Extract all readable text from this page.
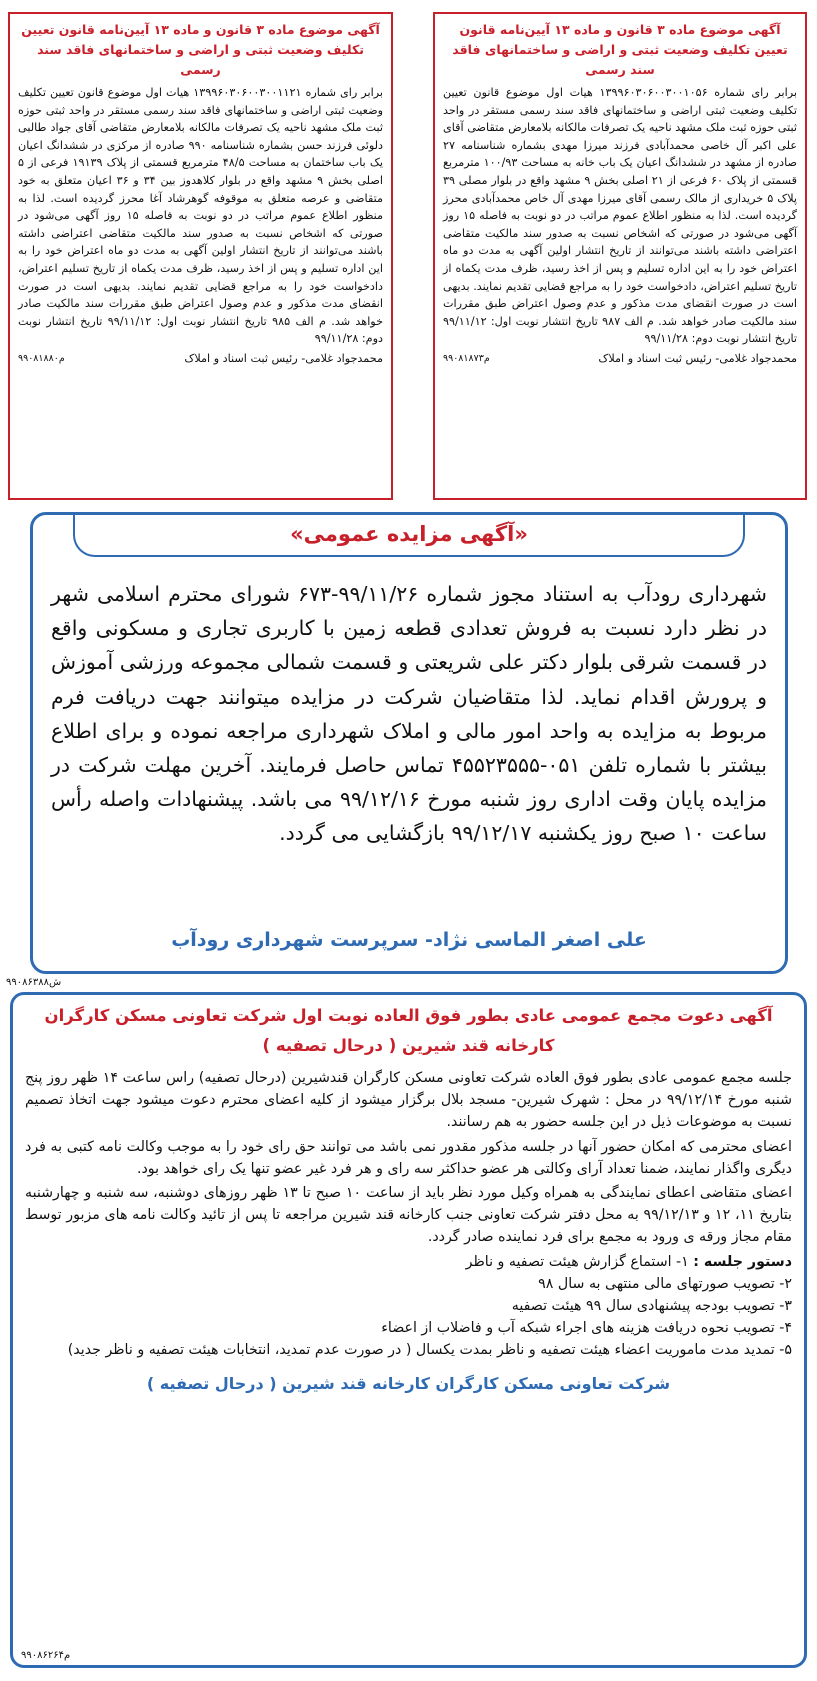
آگهی موضوع ماده ۳ قانون و ماده ۱۳ آیین‌نامه قانون تعیین تکلیف وضعیت ثبتی و اراضی و ساختمانهای فاقد سند رسمی
برابر رای شماره ۱۳۹۹۶۰۳۰۶۰۰۳۰۰۱۰۵۶ هیات اول موضوع قانون تعیین تکلیف وضعیت ثبتی اراضی و ساختمانهای فاقد سند رسمی مستقر در واحد ثبتی حوزه ثبت ملک مشهد ناحیه یک تصرفات مالکانه بلامعارض متقاضی آقای علی اکبر آل خاصی محمدآبادی فرزند میرزا مهدی بشماره شناسنامه ۲۷ صادره از مشهد در ششدانگ اعیان یک باب خانه به مساحت ۱۰۰/۹۳ مترمربع قسمتی از پلاک ۶۰ فرعی از ۲۱ اصلی بخش ۹ مشهد واقع در بلوار مصلی ۳۹ پلاک ۵ خریداری از مالک رسمی آقای میرزا مهدی آل خاص محمدآبادی محرز گردیده است. لذا به منظور اطلاع عموم مراتب در دو نوبت به فاصله ۱۵ روز آگهی می‌شود در صورتی که اشخاص نسبت به صدور سند مالکیت متقاضی اعتراضی داشته باشند می‌توانند از تاریخ انتشار اولین آگهی به مدت دو ماه اعتراض خود را به این اداره تسلیم و پس از اخذ رسید، ظرف مدت یکماه از تاریخ تسلیم اعتراض، دادخواست خود را به مراجع قضایی تقدیم نمایند. بدیهی است در صورت انقضای مدت مذکور و عدم وصول اعتراض طبق مقررات سند مالکیت صادر خواهد شد. م الف ۹۸۷ تاریخ انتشار نوبت اول: ۹۹/۱۱/۱۲ تاریخ انتشار نوبت دوم: ۹۹/۱۱/۲۸
محمدجواد غلامی- رئیس ثبت اسناد و املاک
م۹۹۰۸۱۸۷۳
آگهی موضوع ماده ۳ قانون و ماده ۱۳ آیین‌نامه قانون تعیین تکلیف وضعیت ثبتی و اراضی و ساختمانهای فاقد سند رسمی
برابر رای شماره ۱۳۹۹۶۰۳۰۶۰۰۳۰۰۱۱۲۱ هیات اول موضوع قانون تعیین تکلیف وضعیت ثبتی اراضی و ساختمانهای فاقد سند رسمی مستقر در واحد ثبتی حوزه ثبت ملک مشهد ناحیه یک تصرفات مالکانه بلامعارض متقاضی آقای جواد طالبی دلوئی فرزند حسن بشماره شناسنامه ۹۹۰ صادره از مرکزی در ششدانگ اعیان یک باب ساختمان به مساحت ۴۸/۵ مترمربع قسمتی از پلاک ۱۹۱۳۹ فرعی از ۵ اصلی بخش ۹ مشهد واقع در بلوار کلاهدوز بین ۳۴ و ۳۶ اعیان متعلق به خود متقاضی و عرصه متعلق به موقوفه گوهرشاد آغا محرز گردیده است. لذا به منظور اطلاع عموم مراتب در دو نوبت به فاصله ۱۵ روز آگهی می‌شود در صورتی که اشخاص نسبت به صدور سند مالکیت متقاضی اعتراضی داشته باشند می‌توانند از تاریخ انتشار اولین آگهی به مدت دو ماه اعتراض خود را به این اداره تسلیم و پس از اخذ رسید، ظرف مدت یکماه از تاریخ تسلیم اعتراض، دادخواست خود را به مراجع قضایی تقدیم نمایند. بدیهی است در صورت انقضای مدت مذکور و عدم وصول اعتراض طبق مقررات سند مالکیت صادر خواهد شد. م الف ۹۸۵ تاریخ انتشار نوبت اول: ۹۹/۱۱/۱۲ تاریخ انتشار نوبت دوم: ۹۹/۱۱/۲۸
محمدجواد غلامی- رئیس ثبت اسناد و املاک
م۹۹۰۸۱۸۸۰
«آگهی مزایده عمومی»
شهرداری رودآب به استناد مجوز شماره ۹۹/۱۱/۲۶-۶۷۳ شورای محترم اسلامی شهر در نظر دارد نسبت به فروش تعدادی قطعه زمین با کاربری تجاری و مسکونی واقع در قسمت شرقی بلوار دکتر علی شریعتی و قسمت شمالی مجموعه ورزشی آموزش و پرورش اقدام نماید. لذا متقاضیان شرکت در مزایده میتوانند جهت دریافت فرم مربوط به مزایده به واحد امور مالی و املاک شهرداری مراجعه نموده و برای اطلاع بیشتر با شماره تلفن ۰۵۱-۴۵۵۲۳۵۵۵ تماس حاصل فرمایند. آخرین مهلت شرکت در مزایده پایان وقت اداری روز شنبه مورخ ۹۹/۱۲/۱۶ می باشد. پیشنهادات واصله رأس ساعت ۱۰ صبح روز یکشنبه ۹۹/۱۲/۱۷ بازگشایی می گردد.
علی اصغر الماسی نژاد- سرپرست شهرداری رودآب
ش۹۹۰۸۶۳۸۸
آگهی دعوت مجمع عمومی عادی بطور فوق العاده نوبت اول شرکت تعاونی مسکن کارگران
کارخانه قند شیرین ( درحال تصفیه )

جلسه مجمع عمومی عادی بطور فوق العاده شرکت تعاونی مسکن کارگران قندشیرین (درحال تصفیه) راس ساعت ۱۴ ظهر روز پنج شنبه مورخ ۹۹/۱۲/۱۴ در محل : شهرک شیرین- مسجد بلال برگزار میشود از کلیه اعضای محترم دعوت میشود جهت اتخاذ تصمیم نسبت به موضوعات ذیل در این جلسه حضور به هم رسانند.

اعضای محترمی که امکان حضور آنها در جلسه مذکور مقدور نمی باشد می توانند حق رای خود را به موجب وکالت نامه کتبی به فرد دیگری واگذار نمایند، ضمنا تعداد آرای وکالتی هر عضو حداکثر سه رای و هر فرد غیر عضو تنها یک رای خواهد بود.

اعضای متقاضی اعطای نمایندگی به همراه وکیل مورد نظر باید از ساعت ۱۰ صبح تا ۱۳ ظهر روزهای دوشنبه، سه شنبه و چهارشنبه بتاریخ ۱۱، ۱۲ و ۹۹/۱۲/۱۳ به محل دفتر شرکت تعاونی جنب کارخانه قند شیرین مراجعه تا پس از تائید وکالت نامه های مزبور توسط مقام مجاز ورقه ی ورود به مجمع برای فرد نماینده صادر گردد.

دستور جلسه : ۱- استماع گزارش هیئت تصفیه و ناظر
۲- تصویب صورتهای مالی منتهی به سال ۹۸
۳- تصویب بودجه پیشنهادی سال ۹۹ هیئت تصفیه
۴- تصویب نحوه دریافت هزینه های اجراء شبکه آب و فاضلاب از اعضاء
۵- تمدید مدت ماموریت اعضاء هیئت تصفیه و ناظر بمدت یکسال ( در صورت عدم تمدید، انتخابات هیئت تصفیه و ناظر جدید)
شرکت تعاونی مسکن کارگران کارخانه قند شیرین ( درحال تصفیه )
م۹۹۰۸۶۲۶۴
